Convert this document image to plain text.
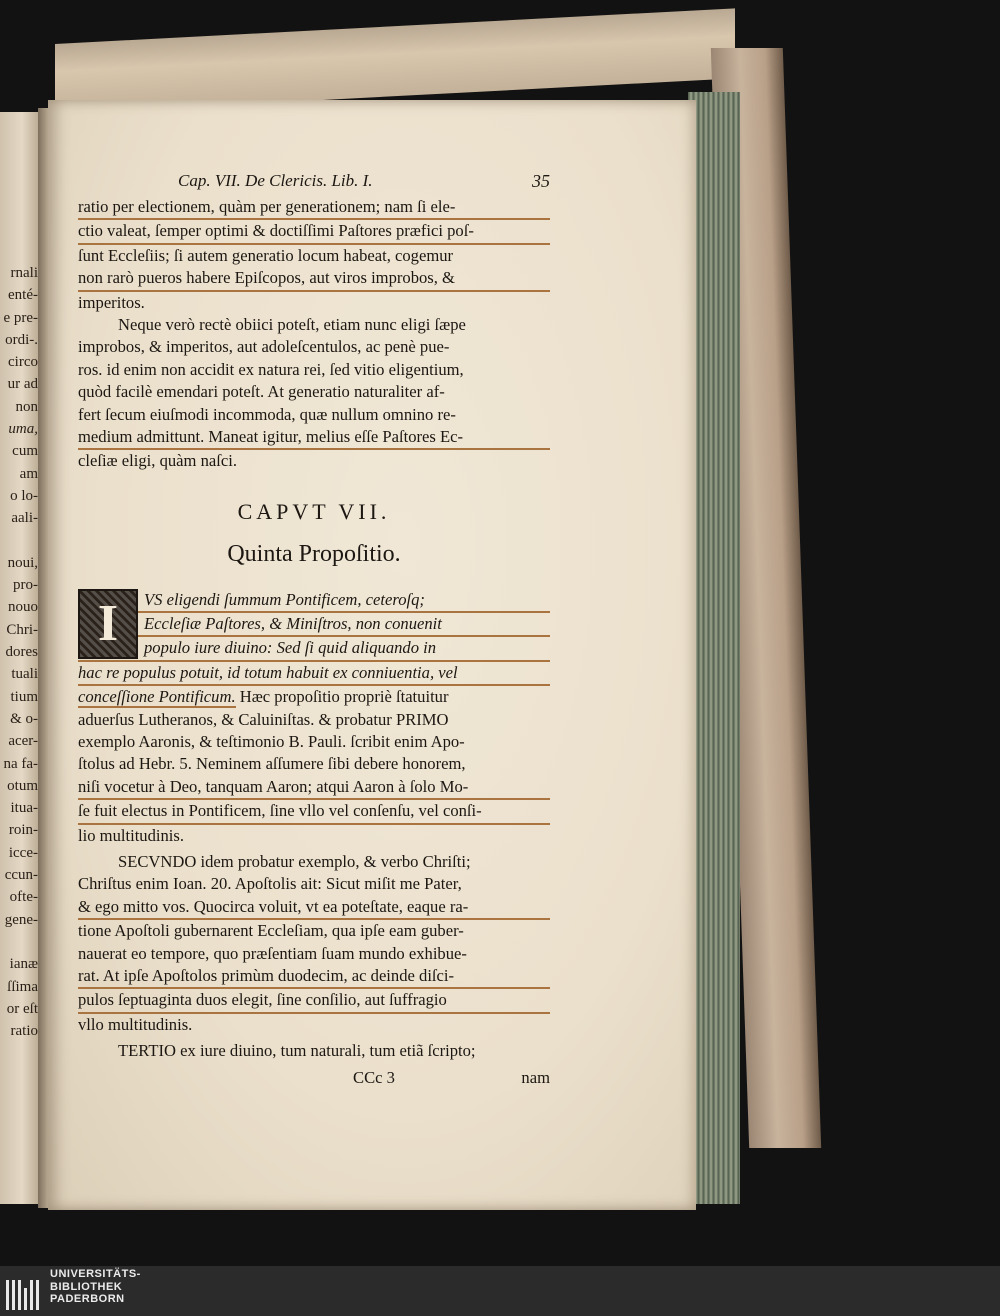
rnali
enté-
e pre-
ordi-.
circo
ur ad
non
uma,
cum
am
o lo-
aali-

noui,
pro-
nouo
Chri-
dores
tuali
tium
& o-
acer-
na fa-
otum
itua-
roin-
icce-
ccun-
ofte-
gene-

ianæ
ſſima
or eſt
ratio
Cap. VII. De Clericis. Lib. I.	35
ratio per electionem, quàm per generationem; nam ſi ele-
ctio valeat, ſemper optimi & doctiſſimi Paſtores præfici poſ-
ſunt Eccleſiis; ſi autem generatio locum habeat, cogemur
non rarò pueros habere Epiſcopos, aut viros improbos, &
imperitos.
Neque verò rectè obiici poteſt, etiam nunc eligi ſæpe
improbos, & imperitos, aut adoleſcentulos, ac penè pue-
ros. id enim non accidit ex natura rei, ſed vitio eligentium,
quòd facilè emendari poteſt. At generatio naturaliter af-
fert ſecum eiuſmodi incommoda, quæ nullum omnino re-
medium admittunt. Maneat igitur, melius eſſe Paſtores Ec-
cleſiæ eligi, quàm naſci.
CAPVT VII.
Quinta Propoſitio.
I	VS eligendi ſummum Pontificem, ceteroſq;
Eccleſiæ Paſtores, & Miniſtros, non conuenit
populo iure diuino: Sed ſi quid aliquando in
hac re populus potuit, id totum habuit ex conniuentia, vel
conceſſione Pontificum. Hæc propoſitio propriè ſtatuitur
aduerſus Lutheranos, & Caluiniſtas. & probatur PRIMO
exemplo Aaronis, & teſtimonio B. Pauli. ſcribit enim Apo-
ſtolus ad Hebr. 5. Neminem aſſumere ſibi debere honorem,
niſi vocetur à Deo, tanquam Aaron; atqui Aaron à ſolo Mo-
ſe fuit electus in Pontificem, ſine vllo vel conſenſu, vel conſi-
lio multitudinis.
SECVNDO idem probatur exemplo, & verbo Chriſti;
Chriſtus enim Ioan. 20. Apoſtolis ait: Sicut miſit me Pater,
& ego mitto vos. Quocirca voluit, vt ea poteſtate, eaque ra-
tione Apoſtoli gubernarent Eccleſiam, qua ipſe eam guber-
nauerat eo tempore, quo præſentiam ſuam mundo exhibue-
rat. At ipſe Apoſtolos primùm duodecim, ac deinde diſci-
pulos ſeptuaginta duos elegit, ſine conſilio, aut ſuffragio
vllo multitudinis.
TERTIO ex iure diuino, tum naturali, tum etiã ſcripto;
CCc 3	nam
UNIVERSITÄTS-
BIBLIOTHEK
PADERBORN
